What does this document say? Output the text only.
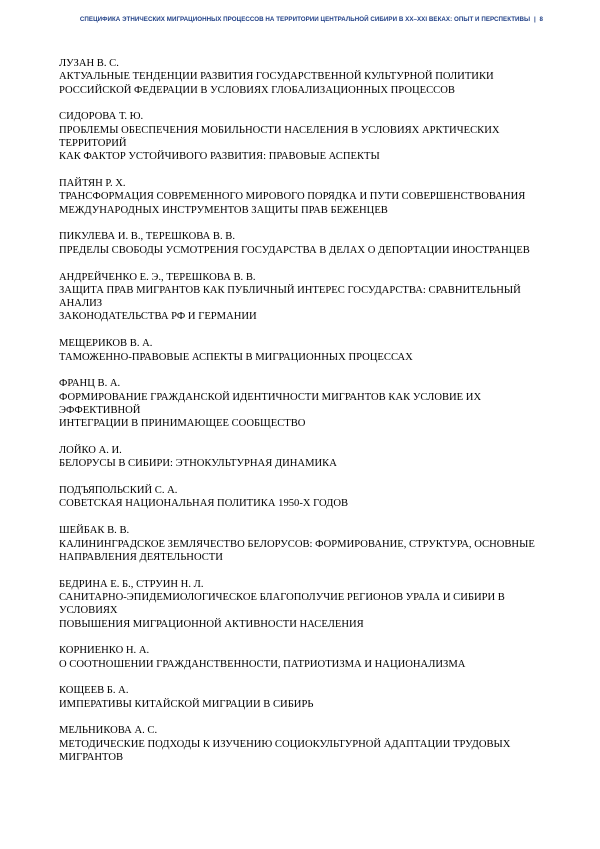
СПЕЦИФИКА ЭТНИЧЕСКИХ МИГРАЦИОННЫХ ПРОЦЕССОВ НА ТЕРРИТОРИИ ЦЕНТРАЛЬНОЙ СИБИРИ В ХХ–ХХI ВЕКАХ: ОПЫТ И ПЕРСПЕКТИВЫ | 8
ЛУЗАН В. С.
АКТУАЛЬНЫЕ ТЕНДЕНЦИИ РАЗВИТИЯ ГОСУДАРСТВЕННОЙ КУЛЬТУРНОЙ ПОЛИТИКИ
РОССИЙСКОЙ ФЕДЕРАЦИИ В УСЛОВИЯХ ГЛОБАЛИЗАЦИОННЫХ ПРОЦЕССОВ
СИДОРОВА Т. Ю.
ПРОБЛЕМЫ ОБЕСПЕЧЕНИЯ МОБИЛЬНОСТИ НАСЕЛЕНИЯ В УСЛОВИЯХ АРКТИЧЕСКИХ ТЕРРИТОРИЙ
КАК ФАКТОР УСТОЙЧИВОГО РАЗВИТИЯ: ПРАВОВЫЕ АСПЕКТЫ
ПАЙТЯН Р. Х.
ТРАНСФОРМАЦИЯ СОВРЕМЕННОГО МИРОВОГО ПОРЯДКА И ПУТИ СОВЕРШЕНСТВОВАНИЯ
МЕЖДУНАРОДНЫХ ИНСТРУМЕНТОВ ЗАЩИТЫ ПРАВ БЕЖЕНЦЕВ
ПИКУЛЕВА И. В., ТЕРЕШКОВА В. В.
ПРЕДЕЛЫ СВОБОДЫ УСМОТРЕНИЯ ГОСУДАРСТВА В ДЕЛАХ О ДЕПОРТАЦИИ ИНОСТРАНЦЕВ
АНДРЕЙЧЕНКО Е. Э., ТЕРЕШКОВА В. В.
ЗАЩИТА ПРАВ МИГРАНТОВ КАК ПУБЛИЧНЫЙ ИНТЕРЕС ГОСУДАРСТВА: СРАВНИТЕЛЬНЫЙ АНАЛИЗ
ЗАКОНОДАТЕЛЬСТВА РФ И ГЕРМАНИИ
МЕЩЕРИКОВ В. А.
ТАМОЖЕННО-ПРАВОВЫЕ АСПЕКТЫ В МИГРАЦИОННЫХ ПРОЦЕССАХ
ФРАНЦ В. А.
ФОРМИРОВАНИЕ ГРАЖДАНСКОЙ ИДЕНТИЧНОСТИ МИГРАНТОВ КАК УСЛОВИЕ ИХ ЭФФЕКТИВНОЙ
ИНТЕГРАЦИИ В ПРИНИМАЮЩЕЕ СООБЩЕСТВО
ЛОЙКО А. И.
БЕЛОРУСЫ В СИБИРИ: ЭТНОКУЛЬТУРНАЯ ДИНАМИКА
ПОДЪЯПОЛЬСКИЙ С. А.
СОВЕТСКАЯ НАЦИОНАЛЬНАЯ ПОЛИТИКА 1950-Х ГОДОВ
ШЕЙБАК В. В.
КАЛИНИНГРАДСКОЕ ЗЕМЛЯЧЕСТВО БЕЛОРУСОВ: ФОРМИРОВАНИЕ, СТРУКТУРА, ОСНОВНЫЕ
НАПРАВЛЕНИЯ ДЕЯТЕЛЬНОСТИ
БЕДРИНА Е. Б., СТРУИН Н. Л.
САНИТАРНО-ЭПИДЕМИОЛОГИЧЕСКОЕ БЛАГОПОЛУЧИЕ РЕГИОНОВ УРАЛА И СИБИРИ В УСЛОВИЯХ
ПОВЫШЕНИЯ МИГРАЦИОННОЙ АКТИВНОСТИ НАСЕЛЕНИЯ
КОРНИЕНКО Н. А.
О СООТНОШЕНИИ ГРАЖДАНСТВЕННОСТИ, ПАТРИОТИЗМА И НАЦИОНАЛИЗМА
КОЩЕЕВ Б. А.
ИМПЕРАТИВЫ КИТАЙСКОЙ МИГРАЦИИ В СИБИРЬ
МЕЛЬНИКОВА А. С.
МЕТОДИЧЕСКИЕ ПОДХОДЫ К ИЗУЧЕНИЮ СОЦИОКУЛЬТУРНОЙ АДАПТАЦИИ ТРУДОВЫХ
МИГРАНТОВ
